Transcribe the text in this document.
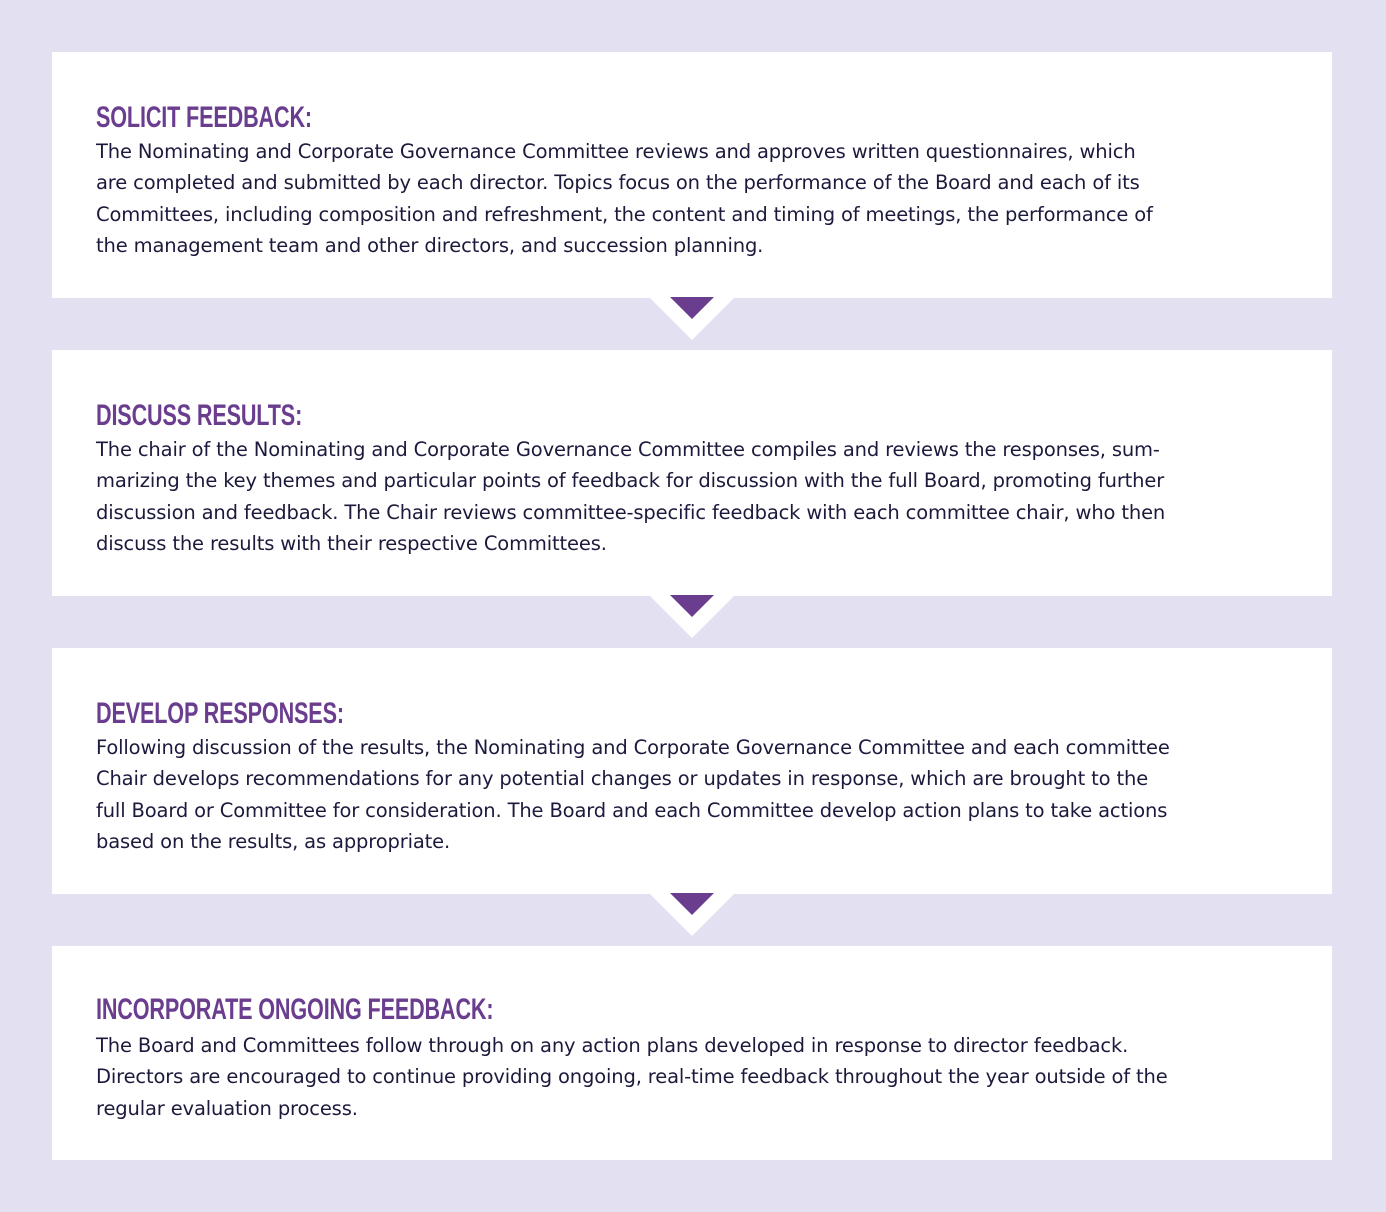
SOLICIT FEEDBACK:
The Nominating and Corporate Governance Committee reviews and approves written questionnaires, which
are completed and submitted by each director. Topics focus on the performance of the Board and each of its
Committees, including composition and refreshment, the content and timing of meetings, the performance of
the management team and other directors, and succession planning.
DISCUSS RESULTS:
The chair of the Nominating and Corporate Governance Committee compiles and reviews the responses, sum-
marizing the key themes and particular points of feedback for discussion with the full Board, promoting further
discussion and feedback. The Chair reviews committee-specific feedback with each committee chair, who then
discuss the results with their respective Committees.
DEVELOP RESPONSES:
Following discussion of the results, the Nominating and Corporate Governance Committee and each committee
Chair develops recommendations for any potential changes or updates in response, which are brought to the
full Board or Committee for consideration. The Board and each Committee develop action plans to take actions
based on the results, as appropriate.
INCORPORATE ONGOING FEEDBACK:
The Board and Committees follow through on any action plans developed in response to director feedback.
Directors are encouraged to continue providing ongoing, real-time feedback throughout the year outside of the
regular evaluation process.
